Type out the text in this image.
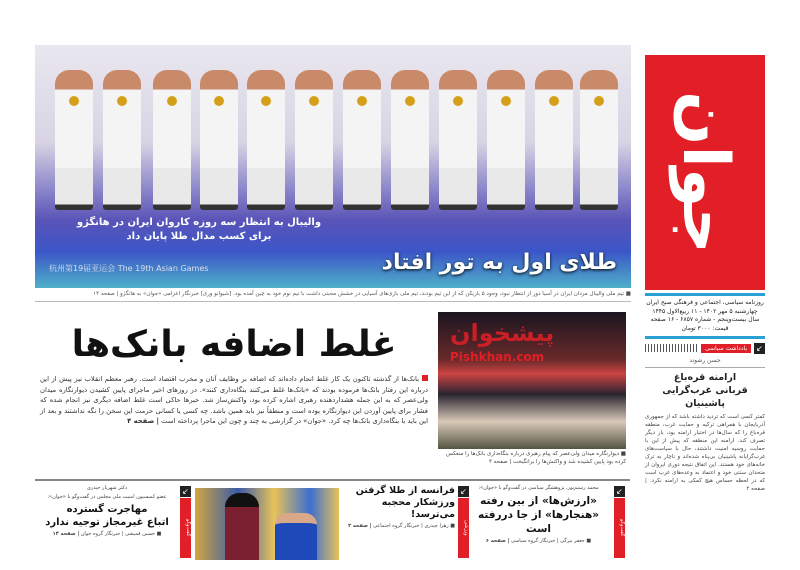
طلای اول به تور افتاد
والیبال به انتظار سه روزه کاروان ایران در هانگژو
برای کسب مدال طلا پایان داد
杭州第19届亚运会 The 19th Asian Games
■ تیم ملی والیبال مردان ایران در آسیا دور از انتظار نبود، وجود ۵ بازیکن که از این تیم بودند، تیم ملی بازی‌های آسیایی در خشش محبتی داشت با تیم نوم خود به چین آمده بود. [شیوانو وری] خبرنگار اعزامی «جوان» به هانگژو | صفحه ۱۴
جوان
روزنامه سیاسی، اجتماعی و فرهنگی صبح ایران
چهارشنبه ۵ مهر ۱۴۰۲ - ۱۱ ربیع‌الاول ۱۴۴۵
سال بیست‌وپنجم - شماره ۶۸۵۷ - ۱۶ صفحه
قیمت: ۳۰۰۰ تومان
↙
یادداشت سیاسی
حسن رشوند
ارامنه قره‌باغ
قربانی غرب‌گرایی پاشینیان
کمتر کسی است که تردید داشته باشد که از جمهوری آذربایجان با همراهی ترکیه و حمایت غرب، منطقه قره‌باغ را که سال‌ها در اختیار ارامنه بود، بار دیگر تصرف کند. ارامنه این منطقه که پیش از این با حمایت روسیه امنیت داشتند، حال با سیاست‌های غرب‌گرایانه پاشینیان بی‌پناه شده‌اند و ناچار به ترک خانه‌های خود هستند. این اتفاق نتیجه دوری ایروان از متحدان سنتی خود و اعتماد به وعده‌های غرب است که در لحظه حساس هیچ کمکی به ارامنه نکرد. | صفحه ۲
غلط اضافه بانک‌ها
بانک‌ها از گذشته تاکنون یک کار غلط انجام داده‌اند که اضافه بر وظایف آنان و مخرب اقتصاد است. رهبر معظم انقلاب نیز پیش از این درباره این رفتار بانک‌ها فرموده بودند که «بانک‌ها غلط می‌کنند بنگاه‌داری کنند». در روزهای اخیر ماجرای پایین کشیدن دیوارنگاره میدان ولی‌عصر که به این جمله هشداردهنده رهبری اشاره کرده بود، واکنش‌ساز شد. خبرها حاکی است غلط اضافه دیگری نیز انجام شده که فشار برای پایین آوردن این دیوارنگاره بوده است و منطقاً نیز باید همین باشد. چه کسی یا کسانی حرمت این سخن را نگه نداشتند و بعد از این باید با بنگاه‌داری بانک‌ها چه کرد. «جوان» در گزارشی به چند و چون این ماجرا پرداخته است | صفحه ۴
پیشخوان
Pishkhan.com
■ دیوارنگاره میدان ولی‌عصر که پیام رهبری درباره بنگاه‌داری بانک‌ها را منعکس کرده بود پایین کشیده شد و واکنش‌ها را برانگیخت | صفحه ۴
↙ گفت‌وگو
محمد رستم‌پور، پژوهشگر سیاسی در گفت‌وگو با «جوان»:
«ارزش‌ها» از بین رفته
«هنجارها» از جا دررفته است
■ جعفر بیرگی | خبرنگار گروه سیاسی | صفحه ۶
↙ ورزشی
فرانسه از طلا گرفتن
ورزشکار محجبه
می‌ترسد!
■ زهرا چیذری | خبرنگار گروه اجتماعی | صفحه ۳
↙ گفت‌وگو
دکتر شهریار حیدری
عضو کمیسیون امنیت ملی مجلس در گفت‌وگو با «جوان»:
مهاجرت گسترده
اتباع غیرمجاز توجیه ندارد
■ حسین قمیشی | خبرنگار گروه جوان | صفحه ۱۴
